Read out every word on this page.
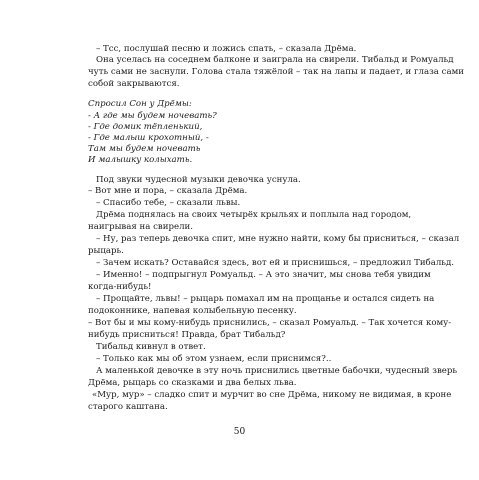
– Тсс, послушай песню и ложись спать, – сказала Дрёма.
Она уселась на соседнем балконе и заиграла на свирели. Тибальд и Ромуальд
чуть сами не заснули. Голова стала тяжёлой – так на лапы и падает, и глаза сами
собой закрываются.
Спросил Сон у Дрёмы:
- А где мы будем ночевать?
- Где домик тёпленький,
- Где малыш крохотный, -
Там мы будем ночевать
И малышку колыхать.
Под звуки чудесной музыки девочка уснула.
– Вот мне и пора, – сказала Дрёма.
– Спасибо тебе, – сказали львы.
Дрёма поднялась на своих четырёх крыльях и поплыла над городом,
наигрывая на свирели.
– Ну, раз теперь девочка спит, мне нужно найти, кому бы присниться, – сказал
рыцарь.
– Зачем искать? Оставайся здесь, вот ей и приснишься, – предложил Тибальд.
– Именно! – подпрыгнул Ромуальд. – А это значит, мы снова тебя увидим
когда-нибудь!
– Прощайте, львы! – рыцарь помахал им на прощанье и остался сидеть на
подоконнике, напевая колыбельную песенку.
– Вот бы и мы кому-нибудь приснились, – сказал Ромуальд. – Так хочется кому-
нибудь присниться! Правда, брат Тибальд?
Тибальд кивнул в ответ.
– Только как мы об этом узнаем, если приснимся?..
А маленькой девочке в эту ночь приснились цветные бабочки, чудесный зверь
Дрёма, рыцарь со сказками и два белых льва.
«Мур, мур» – сладко спит и мурчит во сне Дрёма, никому не видимая, в кроне
старого каштана.
50
